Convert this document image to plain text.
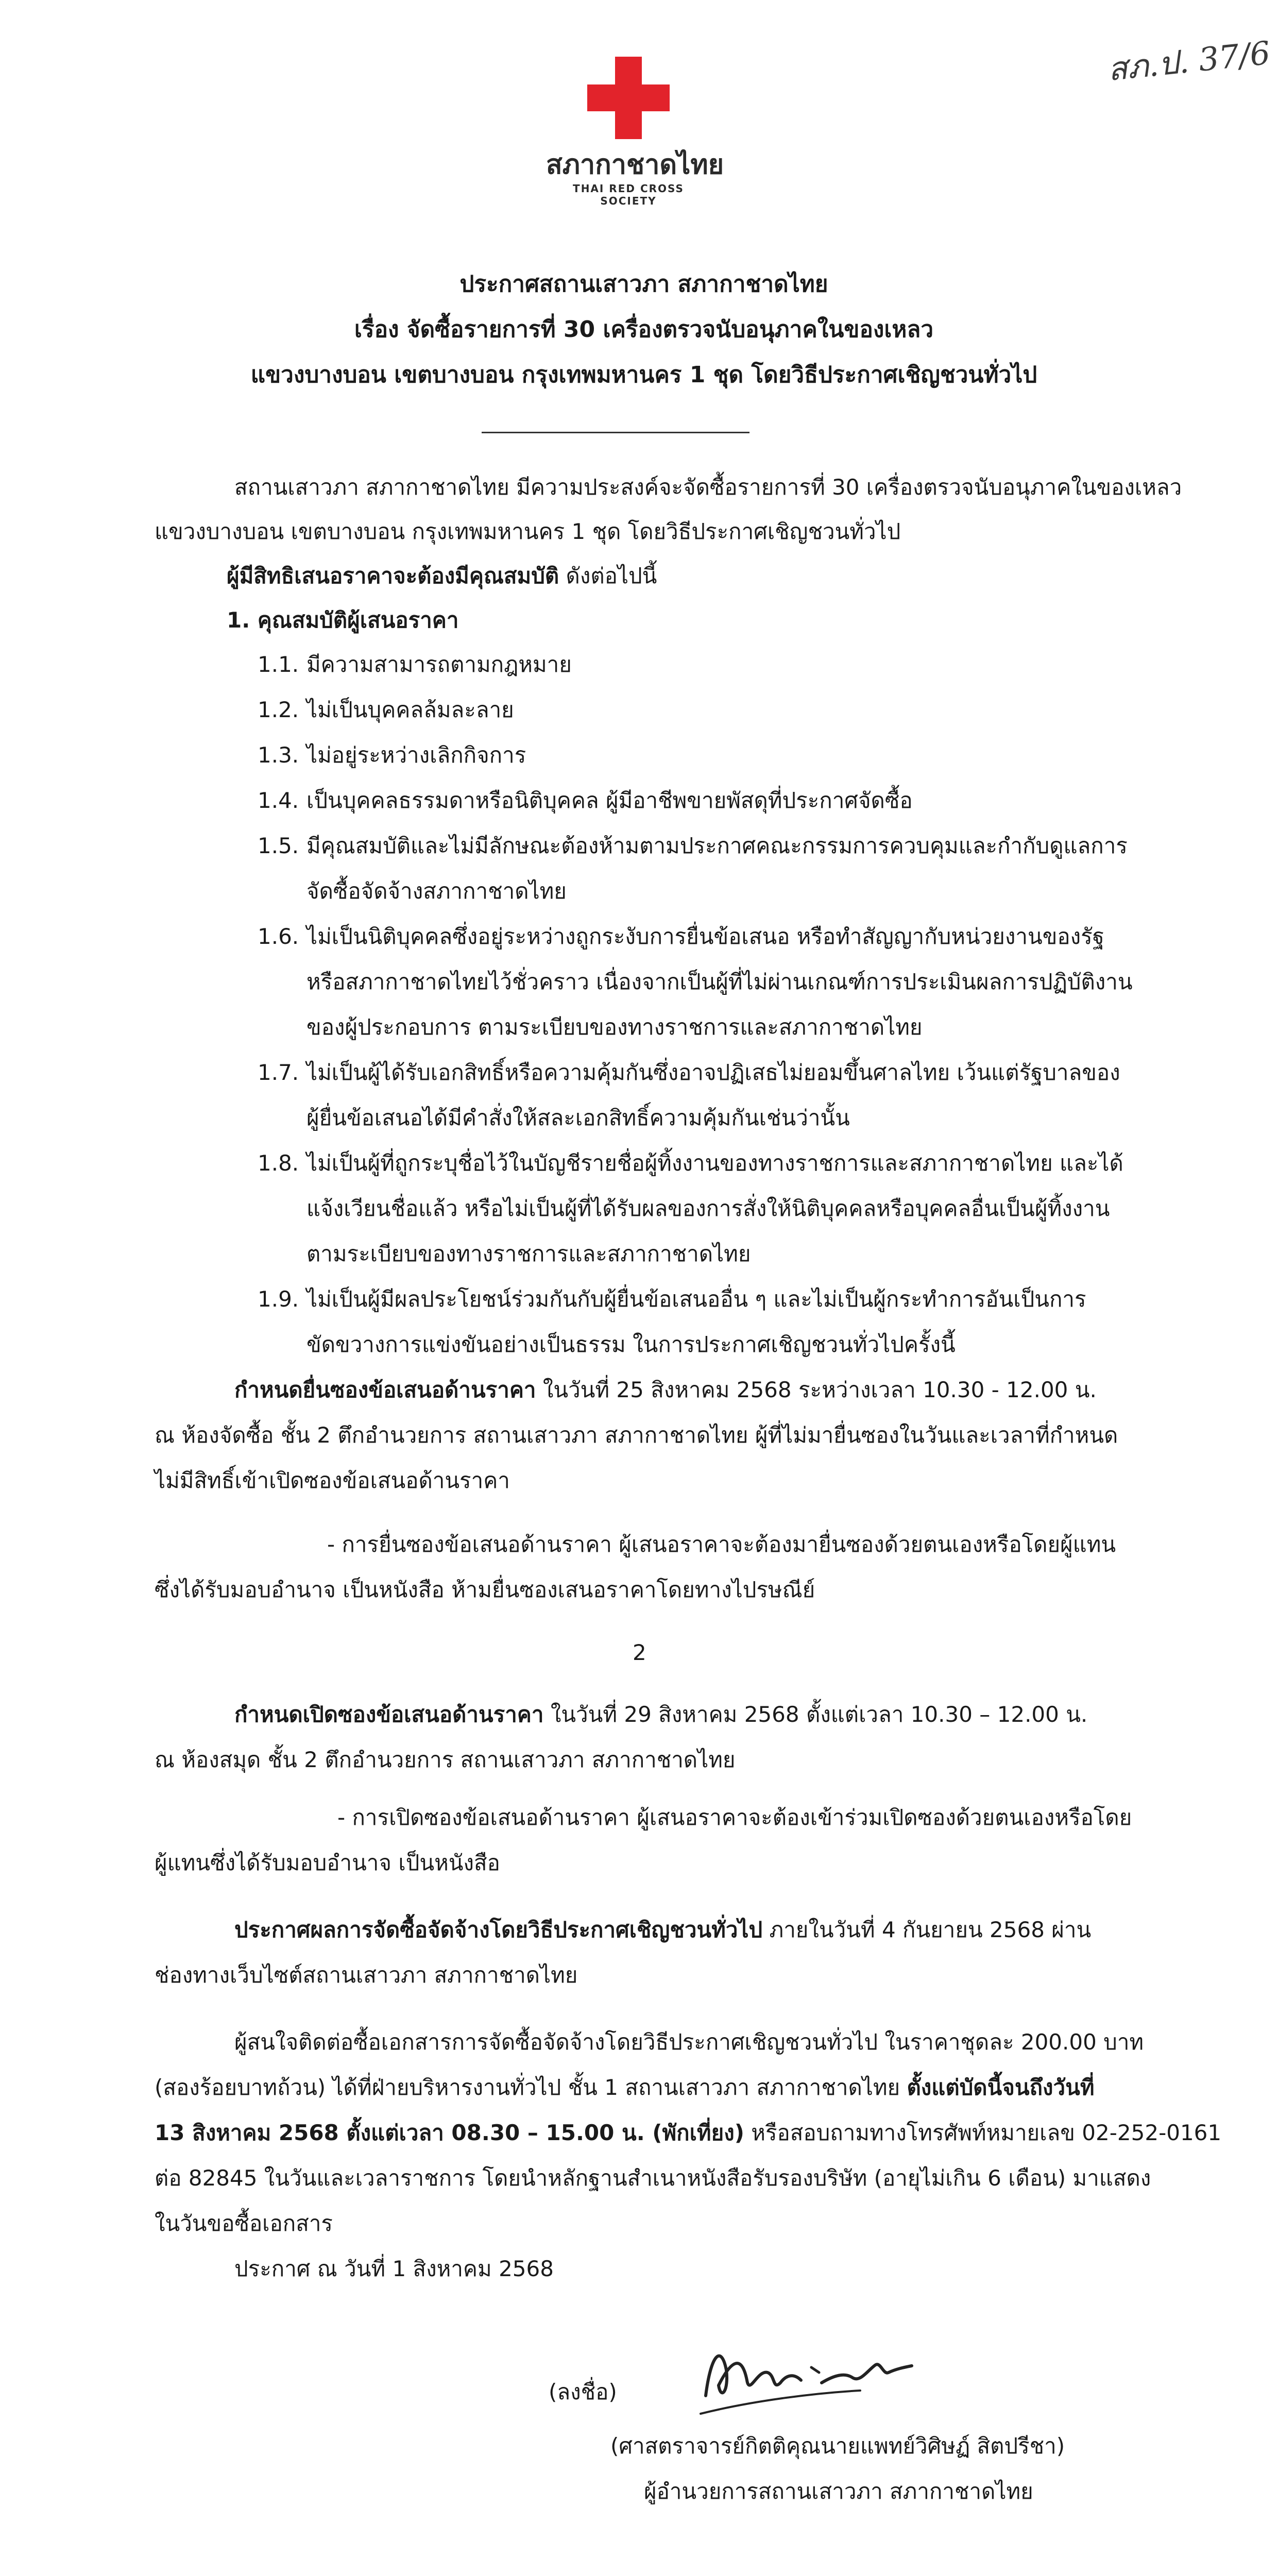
สภ.ป. 37/6
สภากาชาดไทย
THAI RED CROSS SOCIETY
ประกาศสถานเสาวภา สภากาชาดไทย
เรื่อง จัดซื้อรายการที่ 30 เครื่องตรวจนับอนุภาคในของเหลว
แขวงบางบอน เขตบางบอน กรุงเทพมหานคร 1 ชุด โดยวิธีประกาศเชิญชวนทั่วไป
สถานเสาวภา สภากาชาดไทย มีความประสงค์จะจัดซื้อรายการที่ 30 เครื่องตรวจนับอนุภาคในของเหลว
แขวงบางบอน เขตบางบอน กรุงเทพมหานคร 1 ชุด โดยวิธีประกาศเชิญชวนทั่วไป
ผู้มีสิทธิเสนอราคาจะต้องมีคุณสมบัติ ดังต่อไปนี้
1. คุณสมบัติผู้เสนอราคา
1.1. มีความสามารถตามกฎหมาย
1.2. ไม่เป็นบุคคลล้มละลาย
1.3. ไม่อยู่ระหว่างเลิกกิจการ
1.4. เป็นบุคคลธรรมดาหรือนิติบุคคล ผู้มีอาชีพขายพัสดุที่ประกาศจัดซื้อ
1.5. มีคุณสมบัติและไม่มีลักษณะต้องห้ามตามประกาศคณะกรรมการควบคุมและกำกับดูแลการ
จัดซื้อจัดจ้างสภากาชาดไทย
1.6. ไม่เป็นนิติบุคคลซึ่งอยู่ระหว่างถูกระงับการยื่นข้อเสนอ หรือทำสัญญากับหน่วยงานของรัฐ
หรือสภากาชาดไทยไว้ชั่วคราว เนื่องจากเป็นผู้ที่ไม่ผ่านเกณฑ์การประเมินผลการปฏิบัติงาน
ของผู้ประกอบการ ตามระเบียบของทางราชการและสภากาชาดไทย
1.7. ไม่เป็นผู้ได้รับเอกสิทธิ์หรือความคุ้มกันซึ่งอาจปฏิเสธไม่ยอมขึ้นศาลไทย เว้นแต่รัฐบาลของ
ผู้ยื่นข้อเสนอได้มีคำสั่งให้สละเอกสิทธิ์ความคุ้มกันเช่นว่านั้น
1.8. ไม่เป็นผู้ที่ถูกระบุชื่อไว้ในบัญชีรายชื่อผู้ทิ้งงานของทางราชการและสภากาชาดไทย และได้
แจ้งเวียนชื่อแล้ว หรือไม่เป็นผู้ที่ได้รับผลของการสั่งให้นิติบุคคลหรือบุคคลอื่นเป็นผู้ทิ้งงาน
ตามระเบียบของทางราชการและสภากาชาดไทย
1.9. ไม่เป็นผู้มีผลประโยชน์ร่วมกันกับผู้ยื่นข้อเสนออื่น ๆ และไม่เป็นผู้กระทำการอันเป็นการ
ขัดขวางการแข่งขันอย่างเป็นธรรม ในการประกาศเชิญชวนทั่วไปครั้งนี้
กำหนดยื่นซองข้อเสนอด้านราคา ในวันที่ 25 สิงหาคม 2568 ระหว่างเวลา 10.30 - 12.00 น.
ณ ห้องจัดซื้อ ชั้น 2 ตึกอำนวยการ สถานเสาวภา สภากาชาดไทย ผู้ที่ไม่มายื่นซองในวันและเวลาที่กำหนด
ไม่มีสิทธิ์เข้าเปิดซองข้อเสนอด้านราคา
- การยื่นซองข้อเสนอด้านราคา ผู้เสนอราคาจะต้องมายื่นซองด้วยตนเองหรือโดยผู้แทน
ซึ่งได้รับมอบอำนาจ เป็นหนังสือ ห้ามยื่นซองเสนอราคาโดยทางไปรษณีย์
2
กำหนดเปิดซองข้อเสนอด้านราคา ในวันที่ 29 สิงหาคม 2568 ตั้งแต่เวลา 10.30 – 12.00 น.
ณ ห้องสมุด ชั้น 2 ตึกอำนวยการ สถานเสาวภา สภากาชาดไทย
- การเปิดซองข้อเสนอด้านราคา ผู้เสนอราคาจะต้องเข้าร่วมเปิดซองด้วยตนเองหรือโดย
ผู้แทนซึ่งได้รับมอบอำนาจ เป็นหนังสือ
ประกาศผลการจัดซื้อจัดจ้างโดยวิธีประกาศเชิญชวนทั่วไป ภายในวันที่ 4 กันยายน 2568 ผ่าน
ช่องทางเว็บไซต์สถานเสาวภา สภากาชาดไทย
ผู้สนใจติดต่อซื้อเอกสารการจัดซื้อจัดจ้างโดยวิธีประกาศเชิญชวนทั่วไป ในราคาชุดละ 200.00 บาท
(สองร้อยบาทถ้วน) ได้ที่ฝ่ายบริหารงานทั่วไป ชั้น 1 สถานเสาวภา สภากาชาดไทย ตั้งแต่บัดนี้จนถึงวันที่
13 สิงหาคม 2568 ตั้งแต่เวลา 08.30 – 15.00 น. (พักเที่ยง) หรือสอบถามทางโทรศัพท์หมายเลข 02-252-0161
ต่อ 82845 ในวันและเวลาราชการ โดยนำหลักฐานสำเนาหนังสือรับรองบริษัท (อายุไม่เกิน 6 เดือน) มาแสดง
ในวันขอซื้อเอกสาร
ประกาศ ณ วันที่ 1 สิงหาคม 2568
(ลงชื่อ)
(ศาสตราจารย์กิตติคุณนายแพทย์วิศิษฏ์ สิตปรีชา)
ผู้อำนวยการสถานเสาวภา สภากาชาดไทย
